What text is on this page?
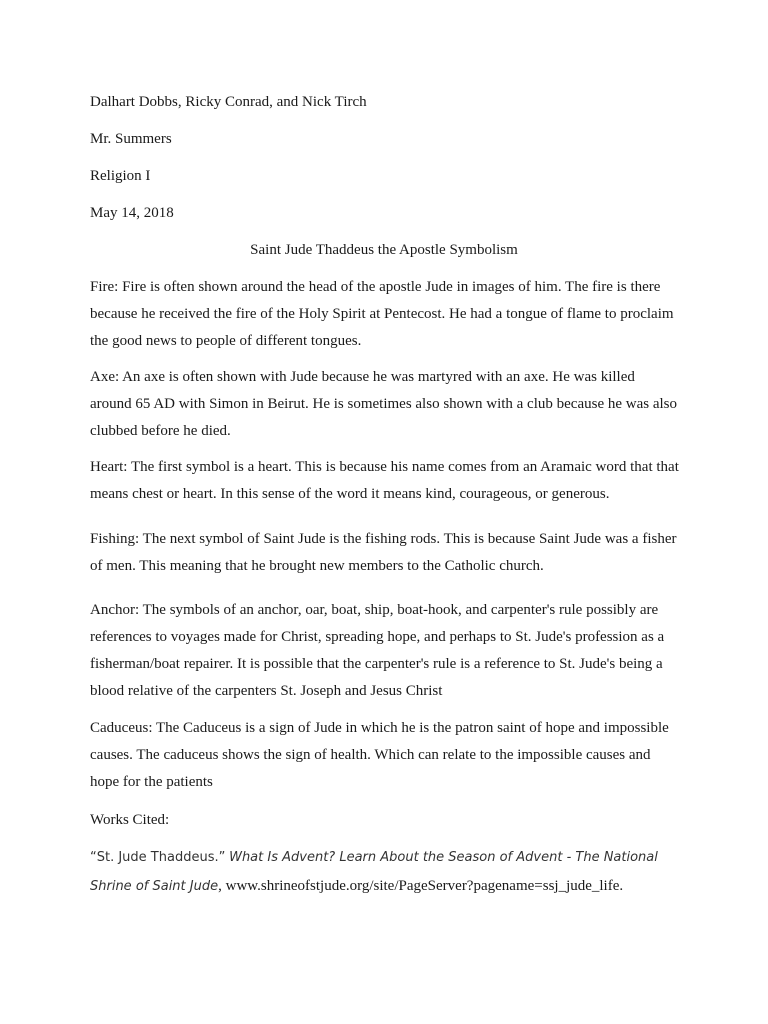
Dalhart Dobbs, Ricky Conrad, and Nick Tirch
Mr. Summers
Religion I
May 14, 2018
Saint Jude Thaddeus the Apostle Symbolism

Fire: Fire is often shown around the head of the apostle Jude in images of him. The fire is there because he received the fire of the Holy Spirit at Pentecost. He had a tongue of flame to proclaim the good news to people of different tongues.

Axe: An axe is often shown with Jude because he was martyred with an axe. He was killed around 65 AD with Simon in Beirut. He is sometimes also shown with a club because he was also clubbed before he died.

Heart: The first symbol is a heart. This is because his name comes from an Aramaic word that that means chest or heart. In this sense of the word it means kind, courageous, or generous.

Fishing: The next symbol of Saint Jude is the fishing rods. This is because Saint Jude was a fisher of men. This meaning that he brought new members to the Catholic church.

Anchor: The symbols of an anchor, oar, boat, ship, boat-hook, and carpenter's rule possibly are references to voyages made for Christ, spreading hope, and perhaps to St. Jude's profession as a fisherman/boat repairer. It is possible that the carpenter's rule is a reference to St. Jude's being a blood relative of the carpenters St. Joseph and Jesus Christ

Caduceus: The Caduceus is a sign of Jude in which he is the patron saint of hope and impossible causes. The caduceus shows the sign of health. Which can relate to the impossible causes and hope for the patients

Works Cited:

“St. Jude Thaddeus.” What Is Advent? Learn About the Season of Advent - The National Shrine of Saint Jude, www.shrineofstjude.org/site/PageServer?pagename=ssj_jude_life.
